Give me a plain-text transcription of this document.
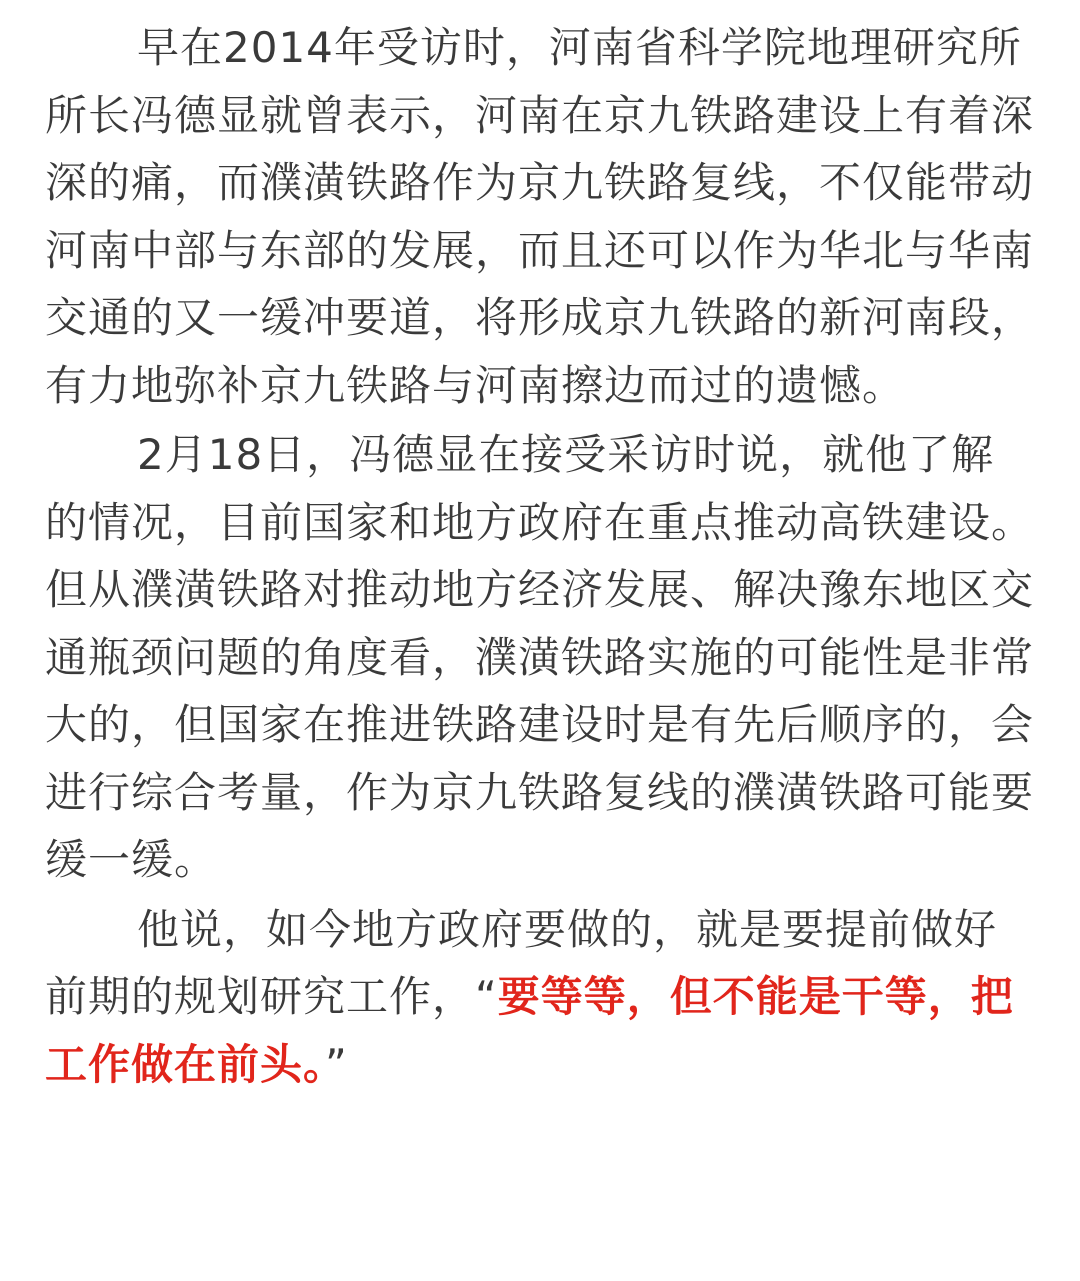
早在2014年受访时，河南省科学院地理研究所所长冯德显就曾表示，河南在京九铁路建设上有着深深的痛，而濮潢铁路作为京九铁路复线，不仅能带动河南中部与东部的发展，而且还可以作为华北与华南交通的又一缓冲要道，将形成京九铁路的新河南段，有力地弥补京九铁路与河南擦边而过的遗憾。

2月18日，冯德显在接受采访时说，就他了解的情况，目前国家和地方政府在重点推动高铁建设。但从濮潢铁路对推动地方经济发展、解决豫东地区交通瓶颈问题的角度看，濮潢铁路实施的可能性是非常大的，但国家在推进铁路建设时是有先后顺序的，会进行综合考量，作为京九铁路复线的濮潢铁路可能要缓一缓。

他说，如今地方政府要做的，就是要提前做好前期的规划研究工作，“要等等，但不能是干等，把工作做在前头。”
